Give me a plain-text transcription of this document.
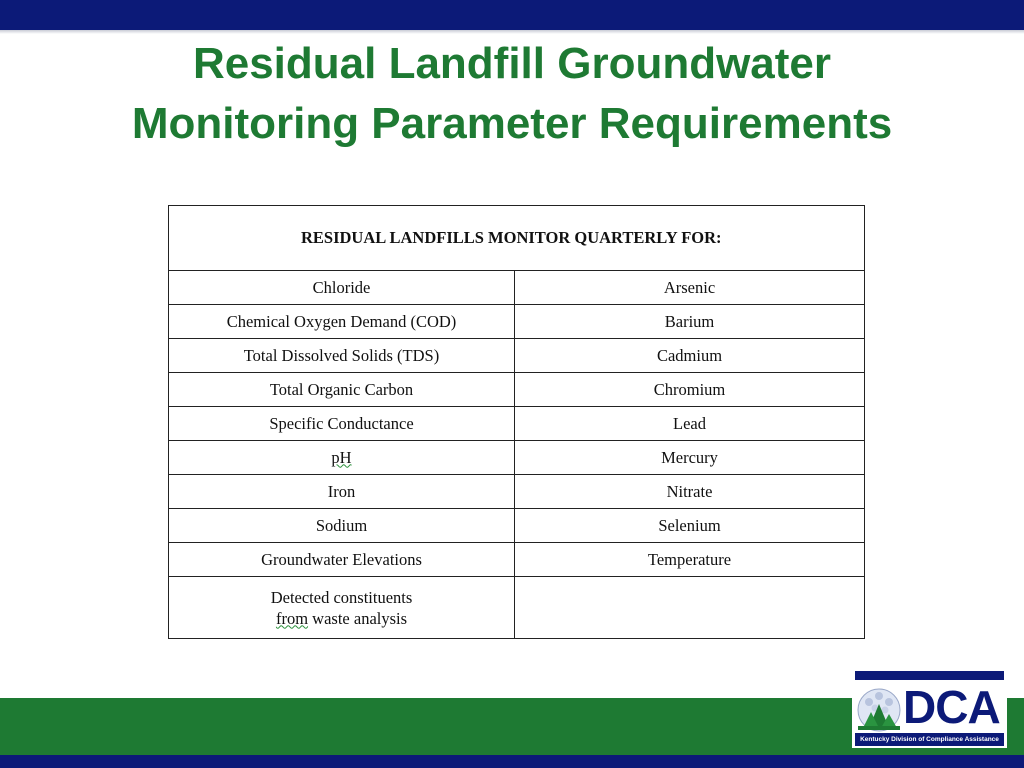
Residual Landfill Groundwater
Monitoring Parameter Requirements
RESIDUAL LANDFILLS MONITOR QUARTERLY FOR:	
Chloride	Arsenic
Chemical Oxygen Demand (COD)	Barium
Total Dissolved Solids (TDS)	Cadmium
Total Organic Carbon	Chromium
Specific Conductance	Lead
pH	Mercury
Iron	Nitrate
Sodium	Selenium
Groundwater Elevations	Temperature

Detected constituents
from waste analysis	

DCA
Kentucky Division of Compliance Assistance
